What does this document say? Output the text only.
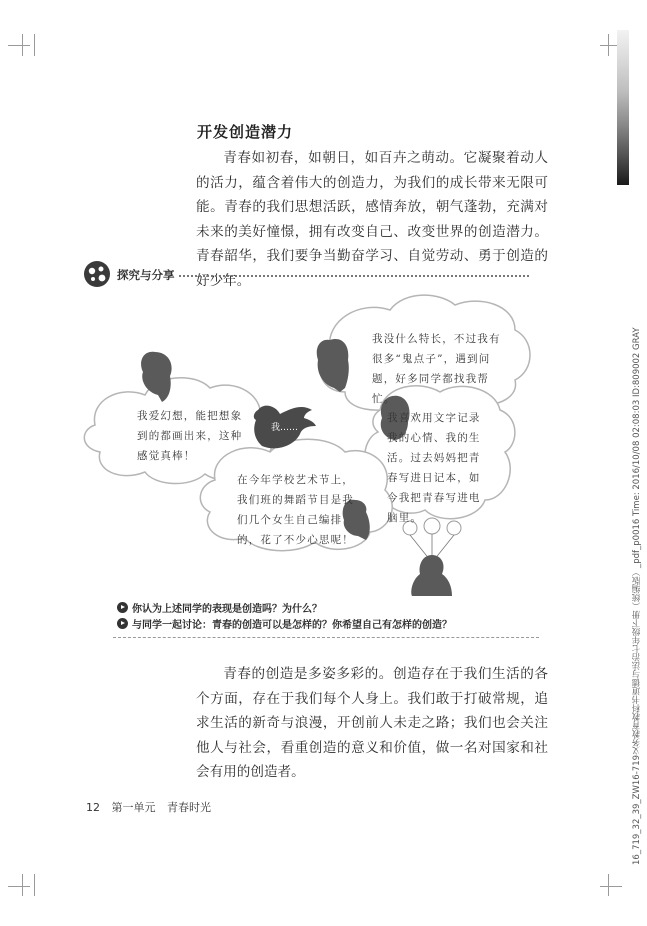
16_719_32_39_ZW16-719义务教育教科书道德与法治七年级下册（统编版）_pdf_p0016 Time: 2016/10/08 02:08:03 ID:809002 GRAY
开发创造潜力
青春如初春，如朝日，如百卉之萌动。它凝聚着动人的活力，蕴含着伟大的创造力，为我们的成长带来无限可能。青春的我们思想活跃，感情奔放，朝气蓬勃，充满对未来的美好憧憬，拥有改变自己、改变世界的创造潜力。青春韶华，我们要争当勤奋学习、自觉劳动、勇于创造的好少年。
探究与分享
我没什么特长，不过我有很多“鬼点子”，遇到问题，好多同学都找我帮忙。
我爱幻想，能把想象到的都画出来，这种感觉真棒！
我喜欢用文字记录我的心情、我的生活。过去妈妈把青春写进日记本，如今我把青春写进电脑里。
在今年学校艺术节上，我们班的舞蹈节目是我们几个女生自己编排的，花了不少心思呢！
我……
你认为上述同学的表现是创造吗？为什么？
与同学一起讨论：青春的创造可以是怎样的？你希望自己有怎样的创造？
青春的创造是多姿多彩的。创造存在于我们生活的各个方面，存在于我们每个人身上。我们敢于打破常规，追求生活的新奇与浪漫，开创前人未走之路；我们也会关注他人与社会，看重创造的意义和价值，做一名对国家和社会有用的创造者。
12 第一单元 青春时光
